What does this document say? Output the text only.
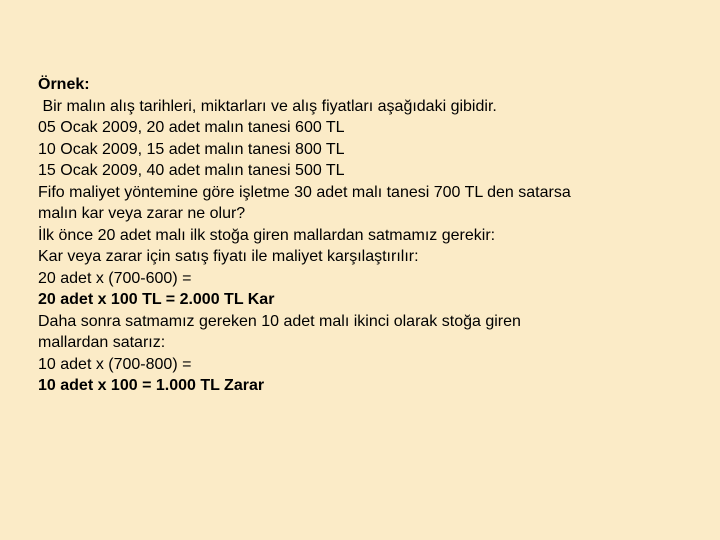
Örnek:
Bir malın alış tarihleri, miktarları ve alış fiyatları aşağıdaki gibidir.
05 Ocak 2009, 20 adet malın tanesi 600 TL
10 Ocak 2009, 15 adet malın tanesi 800 TL
15 Ocak 2009, 40 adet malın tanesi 500 TL
Fifo maliyet yöntemine göre işletme 30 adet malı tanesi 700 TL den satarsa
malın kar veya zarar ne olur?
İlk önce 20 adet malı ilk stoğa giren mallardan satmamız gerekir:
Kar veya zarar için satış fiyatı ile maliyet karşılaştırılır:
20 adet x (700-600) =
20 adet x 100 TL = 2.000 TL Kar
Daha sonra satmamız gereken 10 adet malı ikinci olarak stoğa giren
mallardan satarız:
10 adet x (700-800) =
10 adet x 100 = 1.000 TL Zarar
